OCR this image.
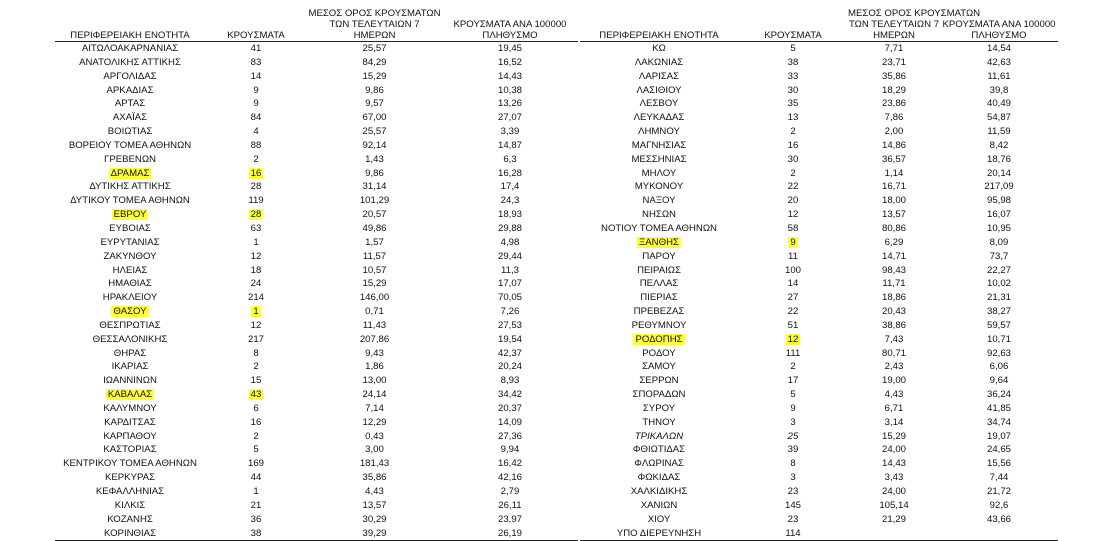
ΠΕΡΙΦΕΡΕΙΑΚΗ ΕΝΟΤΗΤΑ	ΚΡΟΥΣΜΑΤΑ	ΜΕΣΟΣ ΟΡΟΣ ΚΡΟΥΣΜΑΤΩΝ
ΤΩΝ ΤΕΛΕΥΤΑΙΩΝ 7
ΗΜΕΡΩΝ	ΚΡΟΥΣΜΑΤΑ ΑΝΑ 100000
ΠΛΗΘΥΣΜΟ
ΑΙΤΩΛΟΑΚΑΡΝΑΝΙΑΣ	41	25,57	19,45
ΑΝΑΤΟΛΙΚΗΣ ΑΤΤΙΚΗΣ	83	84,29	16,52
ΑΡΓΟΛΙΔΑΣ	14	15,29	14,43
ΑΡΚΑΔΙΑΣ	9	9,86	10,38
ΑΡΤΑΣ	9	9,57	13,26
ΑΧΑΪΑΣ	84	67,00	27,07
ΒΟΙΩΤΙΑΣ	4	25,57	3,39
ΒΟΡΕΙΟΥ ΤΟΜΕΑ ΑΘΗΝΩΝ	88	92,14	14,87
ΓΡΕΒΕΝΩΝ	2	1,43	6,3
ΔΡΑΜΑΣ	16	9,86	16,28
ΔΥΤΙΚΗΣ ΑΤΤΙΚΗΣ	28	31,14	17,4
ΔΥΤΙΚΟΥ ΤΟΜΕΑ ΑΘΗΝΩΝ	119	101,29	24,3
ΕΒΡΟΥ	28	20,57	18,93
ΕΥΒΟΙΑΣ	63	49,86	29,88
ΕΥΡΥΤΑΝΙΑΣ	1	1,57	4,98
ΖΑΚΥΝΘΟΥ	12	11,57	29,44
ΗΛΕΙΑΣ	18	10,57	11,3
ΗΜΑΘΙΑΣ	24	15,29	17,07
ΗΡΑΚΛΕΙΟΥ	214	146,00	70,05
ΘΑΣΟΥ	1	0,71	7,26
ΘΕΣΠΡΩΤΙΑΣ	12	11,43	27,53
ΘΕΣΣΑΛΟΝΙΚΗΣ	217	207,86	19,54
ΘΗΡΑΣ	8	9,43	42,37
ΙΚΑΡΙΑΣ	2	1,86	20,24
ΙΩΑΝΝΙΝΩΝ	15	13,00	8,93
ΚΑΒΑΛΑΣ	43	24,14	34,42
ΚΑΛΥΜΝΟΥ	6	7,14	20,37
ΚΑΡΔΙΤΣΑΣ	16	12,29	14,09
ΚΑΡΠΑΘΟΥ	2	0,43	27,36
ΚΑΣΤΟΡΙΑΣ	5	3,00	9,94
ΚΕΝΤΡΙΚΟΥ ΤΟΜΕΑ ΑΘΗΝΩΝ	169	181,43	16,42
ΚΕΡΚΥΡΑΣ	44	35,86	42,16
ΚΕΦΑΛΛΗΝΙΑΣ	1	4,43	2,79
ΚΙΛΚΙΣ	21	13,57	26,11
ΚΟΖΑΝΗΣ	36	30,29	23,97
ΚΟΡΙΝΘΙΑΣ	38	39,29	26,19
ΠΕΡΙΦΕΡΕΙΑΚΗ ΕΝΟΤΗΤΑ	ΚΡΟΥΣΜΑΤΑ	ΜΕΣΟΣ ΟΡΟΣ ΚΡΟΥΣΜΑΤΩΝ
ΤΩΝ ΤΕΛΕΥΤΑΙΩΝ 7
ΗΜΕΡΩΝ	ΚΡΟΥΣΜΑΤΑ ΑΝΑ 100000
ΠΛΗΘΥΣΜΟ
ΚΩ	5	7,71	14,54
ΛΑΚΩΝΙΑΣ	38	23,71	42,63
ΛΑΡΙΣΑΣ	33	35,86	11,61
ΛΑΣΙΘΙΟΥ	30	18,29	39,8
ΛΕΣΒΟΥ	35	23,86	40,49
ΛΕΥΚΑΔΑΣ	13	7,86	54,87
ΛΗΜΝΟΥ	2	2,00	11,59
ΜΑΓΝΗΣΙΑΣ	16	14,86	8,42
ΜΕΣΣΗΝΙΑΣ	30	36,57	18,76
ΜΗΛΟΥ	2	1,14	20,14
ΜΥΚΟΝΟΥ	22	16,71	217,09
ΝΑΞΟΥ	20	18,00	95,98
ΝΗΣΩΝ	12	13,57	16,07
ΝΟΤΙΟΥ ΤΟΜΕΑ ΑΘΗΝΩΝ	58	80,86	10,95
ΞΑΝΘΗΣ	9	6,29	8,09
ΠΑΡΟΥ	11	14,71	73,7
ΠΕΙΡΑΙΩΣ	100	98,43	22,27
ΠΕΛΛΑΣ	14	11,71	10,02
ΠΙΕΡΙΑΣ	27	18,86	21,31
ΠΡΕΒΕΖΑΣ	22	20,43	38,27
ΡΕΘΥΜΝΟΥ	51	38,86	59,57
ΡΟΔΟΠΗΣ	12	7,43	10,71
ΡΟΔΟΥ	111	80,71	92,63
ΣΑΜΟΥ	2	2,43	6,06
ΣΕΡΡΩΝ	17	19,00	9,64
ΣΠΟΡΑΔΩΝ	5	4,43	36,24
ΣΥΡΟΥ	9	6,71	41,85
ΤΗΝΟΥ	3	3,14	34,74
ΤΡΙΚΑΛΩΝ	25	15,29	19,07
ΦΘΙΩΤΙΔΑΣ	39	24,00	24,65
ΦΛΩΡΙΝΑΣ	8	14,43	15,56
ΦΩΚΙΔΑΣ	3	3,43	7,44
ΧΑΛΚΙΔΙΚΗΣ	23	24,00	21,72
ΧΑΝΙΩΝ	145	105,14	92,6
ΧΙΟΥ	23	21,29	43,66
ΥΠΟ ΔΙΕΡΕΥΝΗΣΗ	114		
